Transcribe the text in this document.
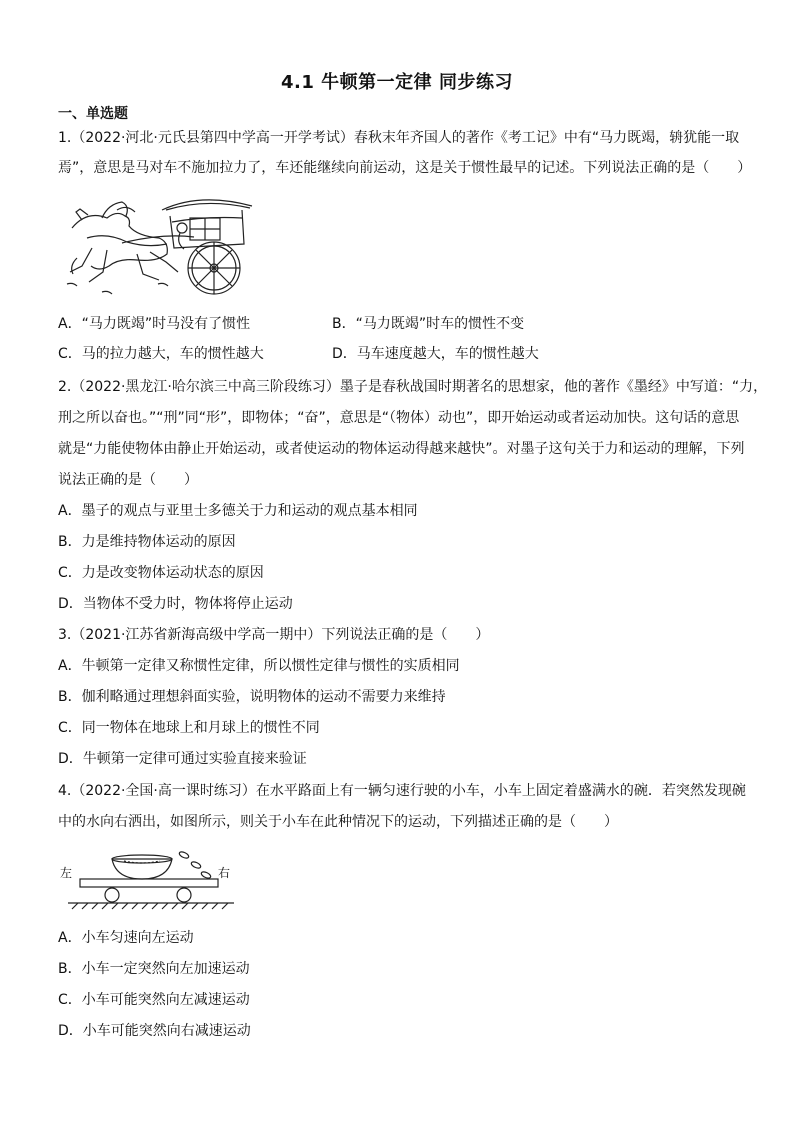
4.1 牛顿第一定律 同步练习
一、单选题
1.（2022·河北·元氏县第四中学高一开学考试）春秋末年齐国人的著作《考工记》中有“马力既竭，辀犹能一取
焉”，意思是马对车不施加拉力了，车还能继续向前运动，这是关于惯性最早的记述。下列说法正确的是（　　）
A．“马力既竭”时马没有了惯性	B．“马力既竭”时车的惯性不变
C．马的拉力越大，车的惯性越大	D．马车速度越大，车的惯性越大
2.（2022·黑龙江·哈尔滨三中高三阶段练习）墨子是春秋战国时期著名的思想家，他的著作《墨经》中写道：“力，
刑之所以奋也。”“刑”同“形”，即物体；“奋”，意思是“（物体）动也”，即开始运动或者运动加快。这句话的意思
就是“力能使物体由静止开始运动，或者使运动的物体运动得越来越快”。对墨子这句关于力和运动的理解，下列
说法正确的是（　　）
A．墨子的观点与亚里士多德关于力和运动的观点基本相同
B．力是维持物体运动的原因
C．力是改变物体运动状态的原因
D．当物体不受力时，物体将停止运动
3.（2021·江苏省新海高级中学高一期中）下列说法正确的是（　　）
A．牛顿第一定律又称惯性定律，所以惯性定律与惯性的实质相同
B．伽利略通过理想斜面实验，说明物体的运动不需要力来维持
C．同一物体在地球上和月球上的惯性不同
D．牛顿第一定律可通过实验直接来验证
4.（2022·全国·高一课时练习）在水平路面上有一辆匀速行驶的小车，小车上固定着盛满水的碗．若突然发现碗
中的水向右洒出，如图所示，则关于小车在此种情况下的运动，下列描述正确的是（　　）
左	右
A．小车匀速向左运动
B．小车一定突然向左加速运动
C．小车可能突然向左减速运动
D．小车可能突然向右减速运动
